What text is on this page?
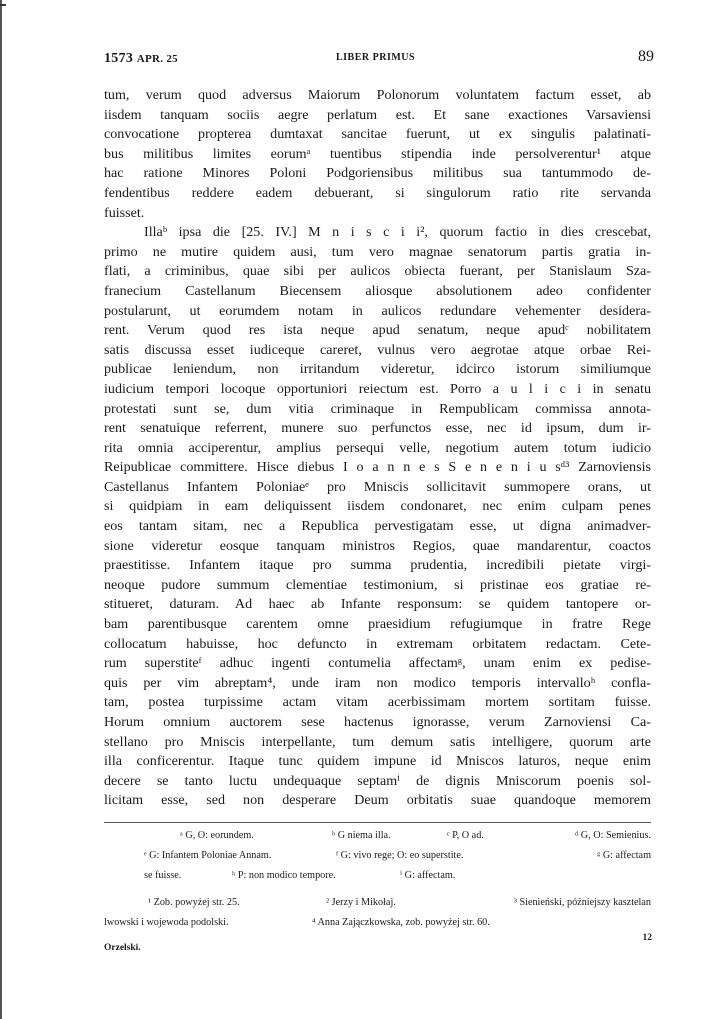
1573 APR. 25	LIBER PRIMUS	89
tum, verum quod adversus Maiorum Polonorum voluntatem factum esset, ab
iisdem tanquam sociis aegre perlatum est. Et sane exactiones Varsaviensi
convocatione propterea dumtaxat sancitae fuerunt, ut ex singulis palatinati-
bus militibus limites eorumᵃ tuentibus stipendia inde persolverentur¹ atque
hac ratione Minores Poloni Podgoriensibus militibus sua tantummodo de-
fendentibus reddere eadem debuerant, si singulorum ratio rite servanda
fuisset.
Illaᵇ ipsa die [25. IV.] M n i s c i i², quorum factio in dies crescebat,
primo ne mutire quidem ausi, tum vero magnae senatorum partis gratia in-
flati, a criminibus, quae sibi per aulicos obiecta fuerant, per Stanislaum Sza-
franecium Castellanum Biecensem aliosque absolutionem adeo confidenter
postularunt, ut eorumdem notam in aulicos redundare vehementer desidera-
rent. Verum quod res ista neque apud senatum, neque apudᶜ nobilitatem
satis discussa esset iudiceque careret, vulnus vero aegrotae atque orbae Rei-
publicae leniendum, non irritandum videretur, idcirco istorum similiumque
iudicium tempori locoque opportuniori reiectum est. Porro a u l i c i in senatu
protestati sunt se, dum vitia criminaque in Rempublicam commissa annota-
rent senatuique referrent, munere suo perfunctos esse, nec id ipsum, dum ir-
rita omnia acciperentur, amplius persequi velle, negotium autem totum iudicio
Reipublicae committere. Hisce diebus I o a n n e s S e n e n i u sᵈ³ Zarnoviensis
Castellanus Infantem Poloniaeᵉ pro Mniscis sollicitavit summopere orans, ut
si quidpiam in eam deliquissent iisdem condonaret, nec enim culpam penes
eos tantam sitam, nec a Republica pervestigatam esse, ut digna animadver-
sione videretur eosque tanquam ministros Regios, quae mandarentur, coactos
praestitisse. Infantem itaque pro summa prudentia, incredibili pietate virgi-
neoque pudore summum clementiae testimonium, si pristinae eos gratiae re-
stitueret, daturam. Ad haec ab Infante responsum: se quidem tantopere or-
bam parentibusque carentem omne praesidium refugiumque in fratre Rege
collocatum habuisse, hoc defuncto in extremam orbitatem redactam. Cete-
rum superstiteᶠ adhuc ingenti contumelia affectamᵍ, unam enim ex pedise-
quis per vim abreptam⁴, unde iram non modico temporis intervalloʰ confla-
tam, postea turpissime actam vitam acerbissimam mortem sortitam fuisse.
Horum omnium auctorem sese hactenus ignorasse, verum Zarnoviensi Ca-
stellano pro Mniscis interpellante, tum demum satis intelligere, quorum arte
illa conficerentur. Itaque tunc quidem impune id Mniscos laturos, neque enim
decere se tanto luctu undequaque septamⁱ de dignis Mniscorum poenis sol-
licitam esse, sed non desperare Deum orbitatis suae quandoque memorem
ᵃ G, O: eorundem.	ᵇ G niema illa.	ᶜ P, O ad.	ᵈ G, O: Semienius.
ᵉ G: Infantem Poloniae Annam.	ᶠ G: vivo rege; O: eo superstite.	ᵍ G: affectam
se fuisse.	ʰ P: non modico tempore.	ⁱ G: affectam.
¹ Zob. powyżej str. 25.	² Jerzy i Mikołaj.	³ Sienieński, późniejszy kasztelan
lwowski i wojewoda podolski.	⁴ Anna Zajączkowska, zob. powyżej str. 60.
Orzelski.
12
